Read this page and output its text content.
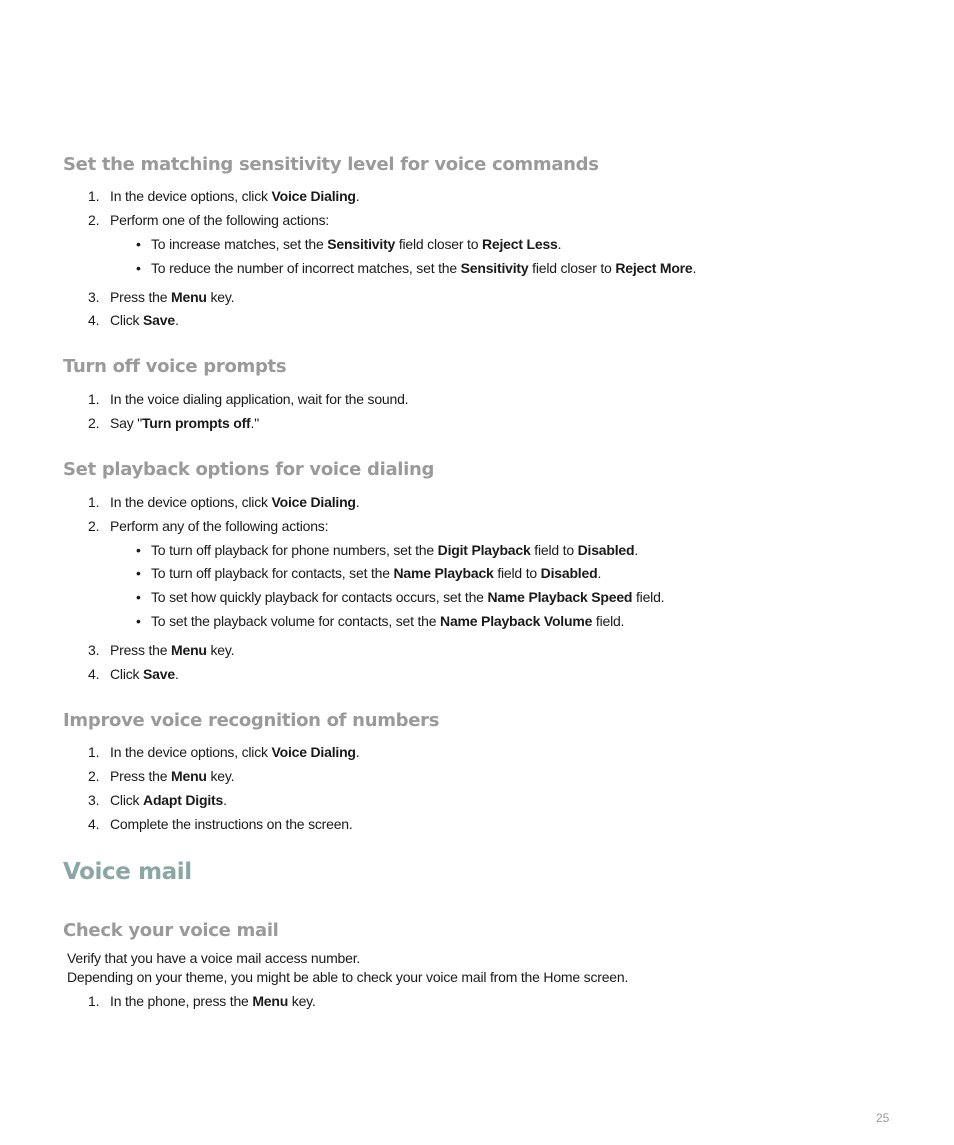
Set the matching sensitivity level for voice commands
1. In the device options, click Voice Dialing.
2. Perform one of the following actions:
• To increase matches, set the Sensitivity field closer to Reject Less.
• To reduce the number of incorrect matches, set the Sensitivity field closer to Reject More.
3. Press the Menu key.
4. Click Save.
Turn off voice prompts
1. In the voice dialing application, wait for the sound.
2. Say "Turn prompts off."
Set playback options for voice dialing
1. In the device options, click Voice Dialing.
2. Perform any of the following actions:
• To turn off playback for phone numbers, set the Digit Playback field to Disabled.
• To turn off playback for contacts, set the Name Playback field to Disabled.
• To set how quickly playback for contacts occurs, set the Name Playback Speed field.
• To set the playback volume for contacts, set the Name Playback Volume field.
3. Press the Menu key.
4. Click Save.
Improve voice recognition of numbers
1. In the device options, click Voice Dialing.
2. Press the Menu key.
3. Click Adapt Digits.
4. Complete the instructions on the screen.
Voice mail
Check your voice mail
Verify that you have a voice mail access number.
Depending on your theme, you might be able to check your voice mail from the Home screen.
1. In the phone, press the Menu key.
25
